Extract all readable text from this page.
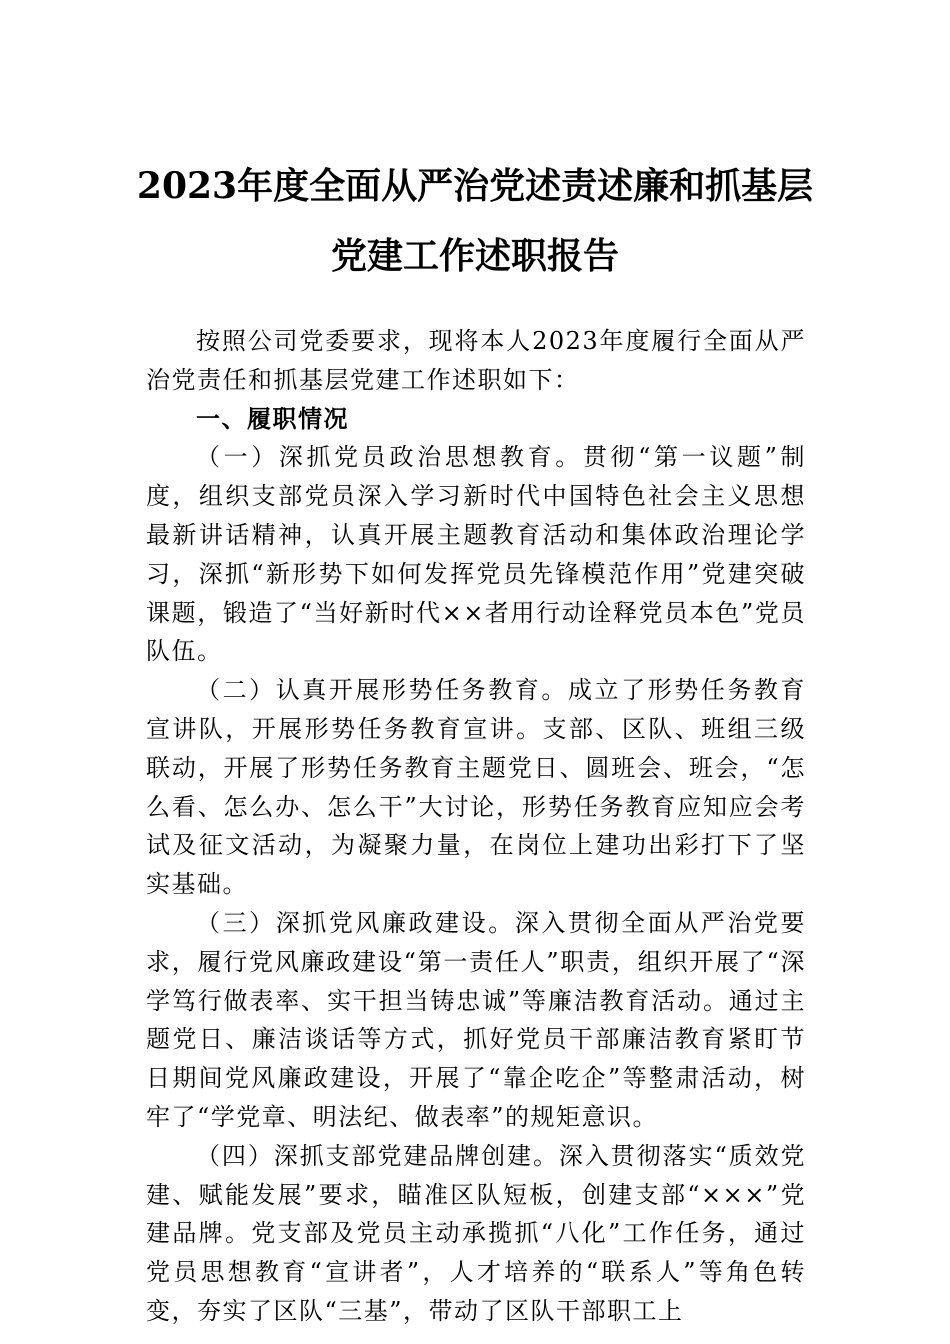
2023年度全面从严治党述责述廉和抓基层
党建工作述职报告

按照公司党委要求，现将本人2023年度履行全面从严治党责任和抓基层党建工作述职如下：

一、履职情况

（一）深抓党员政治思想教育。贯彻“第一议题”制度，组织支部党员深入学习新时代中国特色社会主义思想最新讲话精神，认真开展主题教育活动和集体政治理论学习，深抓“新形势下如何发挥党员先锋模范作用”党建突破课题，锻造了“当好新时代××者用行动诠释党员本色”党员队伍。

（二）认真开展形势任务教育。成立了形势任务教育宣讲队，开展形势任务教育宣讲。支部、区队、班组三级联动，开展了形势任务教育主题党日、圆班会、班会，“怎么看、怎么办、怎么干”大讨论，形势任务教育应知应会考试及征文活动，为凝聚力量，在岗位上建功出彩打下了坚实基础。

（三）深抓党风廉政建设。深入贯彻全面从严治党要求，履行党风廉政建设“第一责任人”职责，组织开展了“深学笃行做表率、实干担当铸忠诚”等廉洁教育活动。通过主题党日、廉洁谈话等方式，抓好党员干部廉洁教育紧盯节日期间党风廉政建设，开展了“靠企吃企”等整肃活动，树牢了“学党章、明法纪、做表率”的规矩意识。

（四）深抓支部党建品牌创建。深入贯彻落实“质效党建、赋能发展”要求，瞄准区队短板，创建支部“×××”党建品牌。党支部及党员主动承揽抓“八化”工作任务，通过党员思想教育“宣讲者”，人才培养的“联系人”等角色转变，夯实了区队“三基”，带动了区队干部职工上
